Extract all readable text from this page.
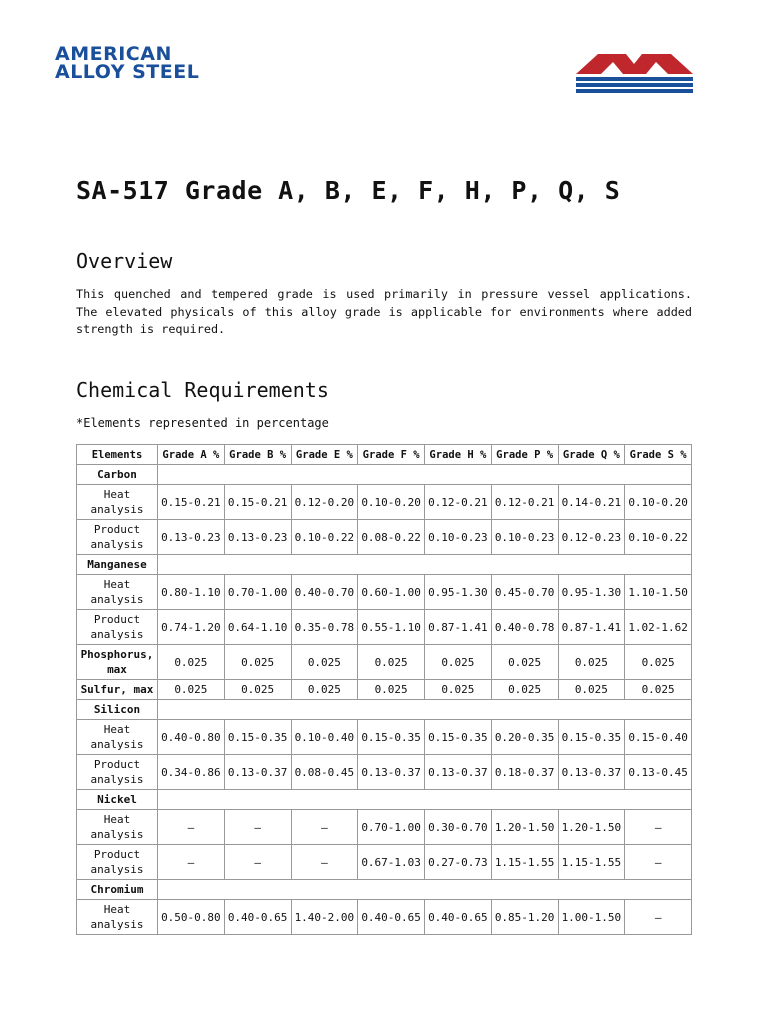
AMERICAN
ALLOY STEEL
SA-517 Grade A, B, E, F, H, P, Q, S
Overview

This quenched and tempered grade is used primarily in pressure vessel applications. The elevated physicals of this alloy grade is applicable for environments where added strength is required.

Chemical Requirements
*Elements represented in percentage
Elements	Grade A %	Grade B %	Grade E %	Grade F %	Grade H %	Grade P %	Grade Q %	Grade S %
Carbon								
Heat analysis	0.15-0.21	0.15-0.21	0.12-0.20	0.10-0.20	0.12-0.21	0.12-0.21	0.14-0.21	0.10-0.20
Product analysis	0.13-0.23	0.13-0.23	0.10-0.22	0.08-0.22	0.10-0.23	0.10-0.23	0.12-0.23	0.10-0.22
Manganese								
Heat analysis	0.80-1.10	0.70-1.00	0.40-0.70	0.60-1.00	0.95-1.30	0.45-0.70	0.95-1.30	1.10-1.50
Product analysis	0.74-1.20	0.64-1.10	0.35-0.78	0.55-1.10	0.87-1.41	0.40-0.78	0.87-1.41	1.02-1.62
Phosphorus, max	0.025	0.025	0.025	0.025	0.025	0.025	0.025	0.025
Sulfur, max	0.025	0.025	0.025	0.025	0.025	0.025	0.025	0.025
Silicon								
Heat analysis	0.40-0.80	0.15-0.35	0.10-0.40	0.15-0.35	0.15-0.35	0.20-0.35	0.15-0.35	0.15-0.40
Product analysis	0.34-0.86	0.13-0.37	0.08-0.45	0.13-0.37	0.13-0.37	0.18-0.37	0.13-0.37	0.13-0.45
Nickel								
Heat analysis	–	–	–	0.70-1.00	0.30-0.70	1.20-1.50	1.20-1.50	–
Product analysis	–	–	–	0.67-1.03	0.27-0.73	1.15-1.55	1.15-1.55	–
Chromium								
Heat analysis	0.50-0.80	0.40-0.65	1.40-2.00	0.40-0.65	0.40-0.65	0.85-1.20	1.00-1.50	–
